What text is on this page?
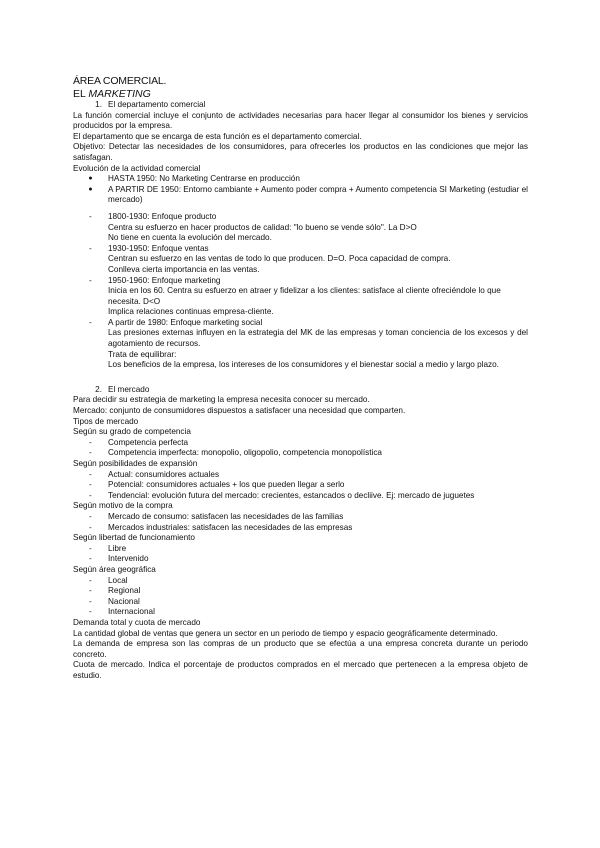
ÁREA COMERCIAL.
EL MARKETING
1. El departamento comercial

La función comercial incluye el conjunto de actividades necesarias para hacer llegar al consumidor los bienes y servicios producidos por la empresa.

El departamento que se encarga de esta función es el departamento comercial.

Objetivo: Detectar las necesidades de los consumidores, para ofrecerles los productos en las condiciones que mejor las satisfagan.

Evolución de la actividad comercial

●	HASTA 1950: No Marketing Centrarse en producción
●	A PARTIR DE 1950: Entorno cambiante + Aumento poder compra + Aumento competencia SI Marketing (estudiar el mercado)
-	1800-1930: Enfoque producto
Centra su esfuerzo en hacer productos de calidad: "lo bueno se vende sólo". La D>O
No tiene en cuenta la evolución del mercado.
-	1930-1950: Enfoque ventas
Centran su esfuerzo en las ventas de todo lo que producen. D=O. Poca capacidad de compra.
Conlleva cierta importancia en las ventas.
-	1950-1960: Enfoque marketing
Inicia en los 60. Centra su esfuerzo en atraer y fidelizar a los clientes: satisface al cliente ofreciéndole lo que necesita. D<O
Implica relaciones continuas empresa-cliente.
-	A partir de 1980: Enfoque marketing social
Las presiones externas influyen en la estrategia del MK de las empresas y toman conciencia de los excesos y del agotamiento de recursos.
Trata de equilibrar:
Los beneficios de la empresa, los intereses de los consumidores y el bienestar social a medio y largo plazo.
2. El mercado

Para decidir su estrategia de marketing la empresa necesita conocer su mercado.

Mercado: conjunto de consumidores dispuestos a satisfacer una necesidad que comparten.

Tipos de mercado

Según su grado de competencia

-	Competencia perfecta
-	Competencia imperfecta: monopolio, oligopolio, competencia monopolística

Según posibilidades de expansión

-	Actual: consumidores actuales
-	Potencial: consumidores actuales + los que pueden llegar a serlo
-	Tendencial: evolución futura del mercado: crecientes, estancados o decliive. Ej: mercado de juguetes

Según motivo de la compra

-	Mercado de consumo: satisfacen las necesidades de las familias
-	Mercados industriales: satisfacen las necesidades de las empresas

Según libertad de funcionamiento

-	Libre
-	Intervenido

Según área geográfica

-	Local
-	Regional
-	Nacional
-	Internacional

Demanda total y cuota de mercado

La cantidad global de ventas que genera un sector en un periodo de tiempo y espacio geográficamente determinado.

La demanda de empresa son las compras de un producto que se efectúa a una empresa concreta durante un periodo concreto.

Cuota de mercado. Indica el porcentaje de productos comprados en el mercado que pertenecen a la empresa objeto de estudio.
